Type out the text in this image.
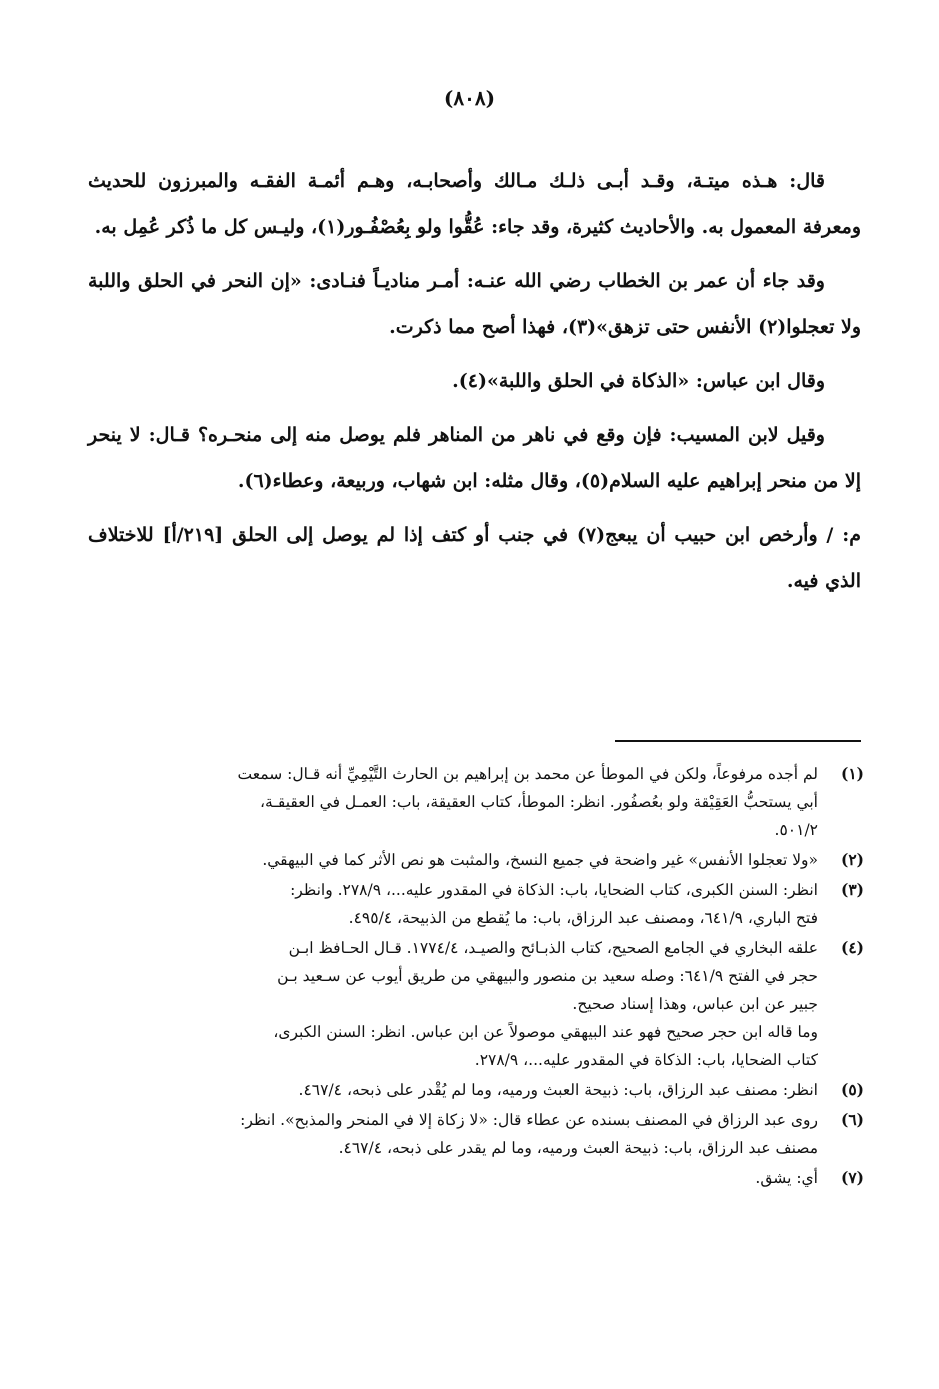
(٨٠٨)

قال: هـذه ميتـة، وقـد أبـى ذلـك مـالك وأصحابـه، وهـم أئمـة الفقـه والمبرزون للحديث ومعرفة المعمول به. والأحاديث كثيرة، وقد جاء: عُقُّوا ولو بِعُصْفُـور(١)، وليـس كل ما ذُكر عُمِل به.

وقد جاء أن عمر بن الخطاب رضي الله عنـه: أمـر مناديـاً فنـادى: «إن النحر في الحلق واللبة ولا تعجلوا(٢) الأنفس حتى تزهق»(٣)، فهذا أصح مما ذكرت.

وقال ابن عباس: «الذكاة في الحلق واللبة»(٤).

وقيل لابن المسيب: فإن وقع في ناهر من المناهر فلم يوصل منه إلى منحـره؟ قـال: لا ينحر إلا من منحر إبراهيم عليه السلام(٥)، وقال مثله: ابن شهاب، وربيعة، وعطاء(٦).

م: / وأرخص ابن حبيب أن يبعج(٧) في جنب أو كتف إذا لم يوصل إلى الحلق [٢١٩/أ] للاختلاف الذي فيه.

(١)
لم أجده مرفوعاً، ولكن في الموطأ عن محمد بن إبراهيم بن الحارث التَّيْمِيِّ أنه قـال: سمعت
أبي يستحبُّ العَقِيْقة ولو بعُصفُور. انظر: الموطأ، كتاب العقيقة، باب: العمـل في العقيقـة،
٥٠١/٢.
(٢)
«ولا تعجلوا الأنفس» غير واضحة في جميع النسخ، والمثبت هو نص الأثر كما في البيهقي.
(٣)
انظر: السنن الكبرى، كتاب الضحايا، باب: الذكاة في المقدور عليه...، ٢٧٨/٩. وانظر:
فتح الباري، ٦٤١/٩، ومصنف عبد الرزاق، باب: ما يُقطع من الذبيحة، ٤٩٥/٤.
(٤)
علقه البخاري في الجامع الصحيح، كتاب الذبـائح والصيـد، ١٧٧٤/٤. قـال الحـافظ ابـن
حجر في الفتح ٦٤١/٩: وصله سعيد بن منصور والبيهقي من طريق أيوب عن سـعيد بـن
جبير عن ابن عباس، وهذا إسناد صحيح.
وما قاله ابن حجر صحيح فهو عند البيهقي موصولاً عن ابن عباس. انظر: السنن الكبرى،
كتاب الضحايا، باب: الذكاة في المقدور عليه...، ٢٧٨/٩.
(٥)
انظر: مصنف عبد الرزاق، باب: ذبيحة العبث ورميه، وما لم يُقْدر على ذبحه، ٤٦٧/٤.
(٦)
روى عبد الرزاق في المصنف بسنده عن عطاء قال: «لا زكاة إلا في المنحر والمذبح». انظر:
مصنف عبد الرزاق، باب: ذبيحة العبث ورميه، وما لم يقدر على ذبحه، ٤٦٧/٤.
(٧)
أي: يشق.
